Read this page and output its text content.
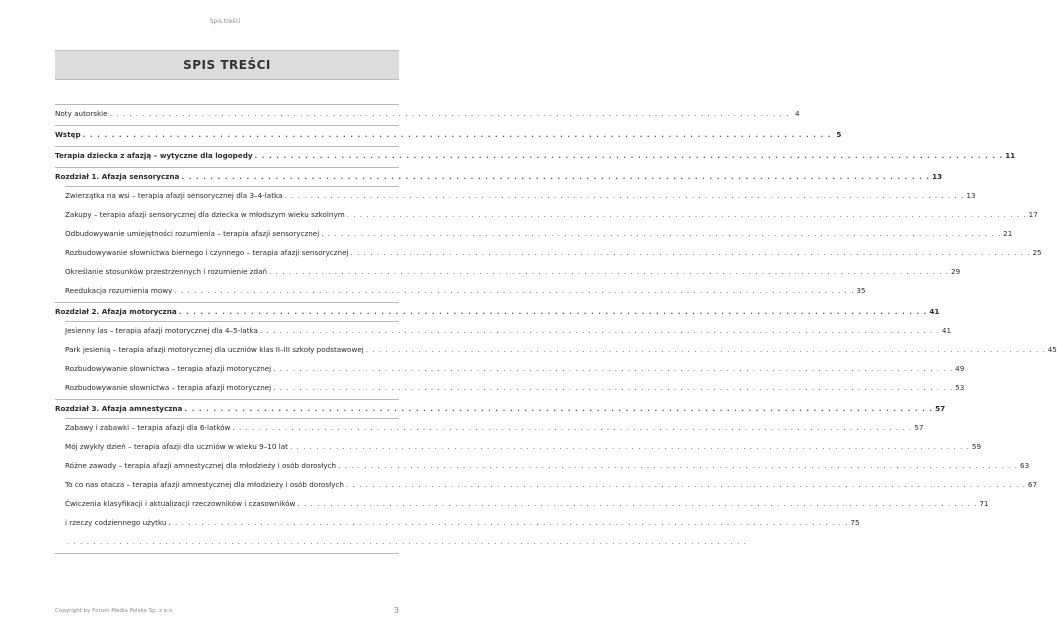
Spis treści
SPIS TREŚCI
Noty autorskie . . .	4
Wstęp . . .	5
Terapia dziecka z afazją – wytyczne dla logopedy . . .	11
Rozdział 1. Afazja sensoryczna . . .	13
Zwierzątka na wsi – terapia afazji sensorycznej dla 3–4-latka . . .	13
Zakupy – terapia afazji sensorycznej dla dziecka w młodszym wieku szkolnym . . .	17
Odbudowywanie umiejętności rozumienia – terapia afazji sensorycznej . . .	21
Rozbudowywanie słownictwa biernego i czynnego – terapia afazji sensorycznej . . .	25
Określanie stosunków przestrzennych i rozumienie zdań . . .	29
Reedukacja rozumienia mowy . . .	35
Rozdział 2. Afazja motoryczna . . .	41
Jesienny las – terapia afazji motorycznej dla 4–5-latka . . .	41
Park jesienią – terapia afazji motorycznej dla uczniów klas II–III szkoły podstawowej . . .	45
Rozbudowywanie słownictwa – terapia afazji motorycznej . . .	49
Rozbudowywanie słownictwa – terapia afazji motorycznej . . .	53
Rozdział 3. Afazja amnestyczna . . .	57
Zabawy i zabawki – terapia afazji dla 6-latków . . .	57
Mój zwykły dzień – terapia afazji dla uczniów w wieku 9–10 lat . . .	59
Różne zawody – terapia afazji amnestycznej dla młodzieży i osób dorosłych . . .	63
To co nas otacza – terapia afazji amnestycznej dla młodzieży i osób dorosłych . . .	67
Ćwiczenia klasyfikacji i aktualizacji rzeczowników i czasowników . . .	71
i rzeczy codziennego użytku . . .	75
. . .
Copyright by Forum Media Polska Sp. z o.o.	3
